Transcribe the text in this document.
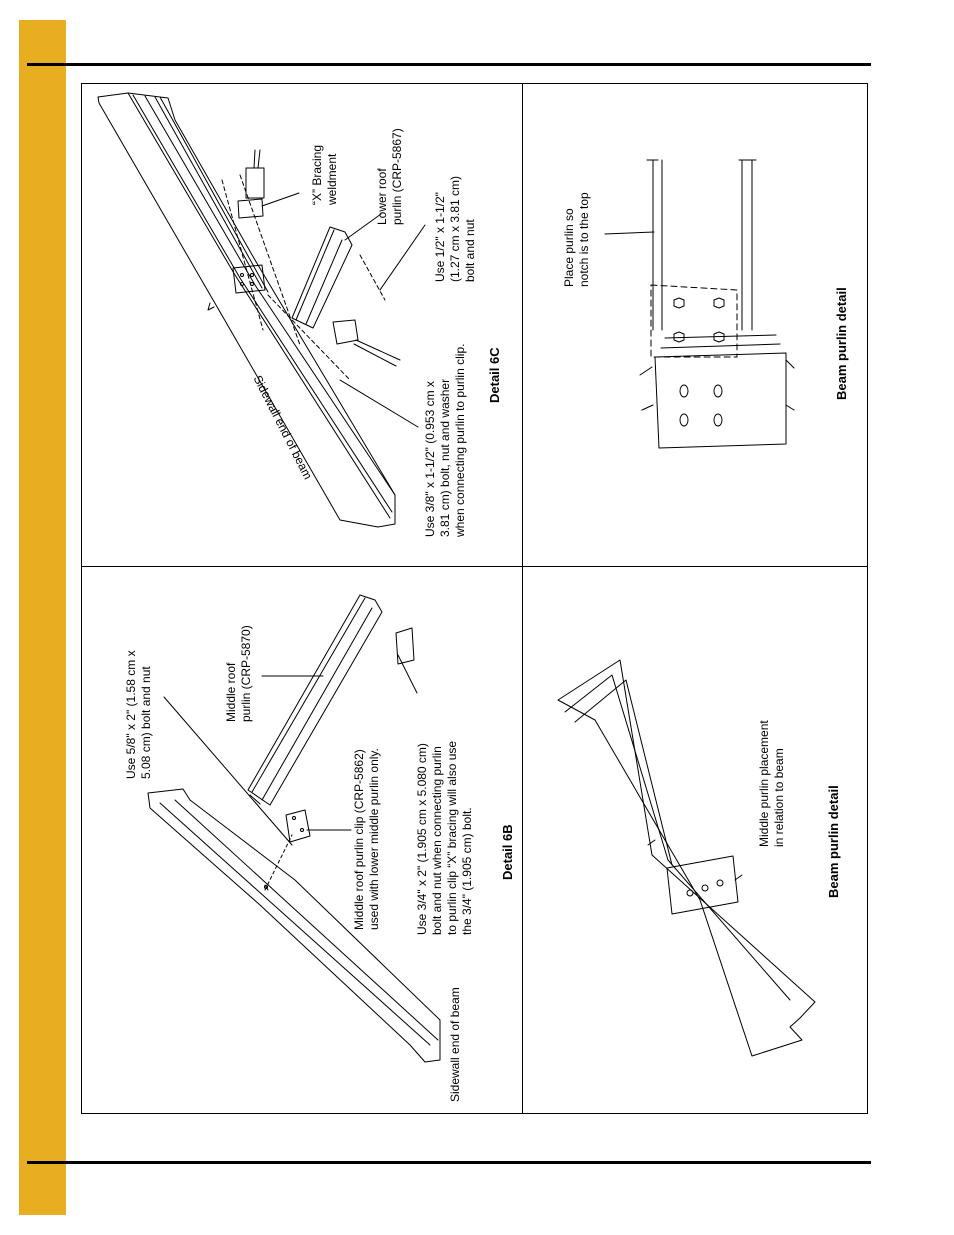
Sidewall end of beam
“X” Bracing weldment	Lower roof purlin (CRP-5867)
Use 1/2" x 1-1/2" (1.27 cm x 3.81 cm) bolt and nut
Use 3/8" x 1-1/2" (0.953 cm x 3.81 cm) bolt, nut and washer when connecting purlin to purlin clip. Detail 6C
Place purlin so notch is to the top
Beam purlin detail
Use 5/8" x 2" (1.58 cm x 5.08 cm) bolt and nut	Middle roof purlin (CRP-5870)
Middle roof purlin clip (CRP-5862) used with lower middle purlin only.	Use 3/4" x 2" (1.905 cm x 5.080 cm) bolt and nut when connecting purlin to purlin clip “X” bracing will also use the 3/4" (1.905 cm) bolt. Detail 6B
Sidewall end of beam
Middle purlin placement in relation to beam	Beam purlin detail
